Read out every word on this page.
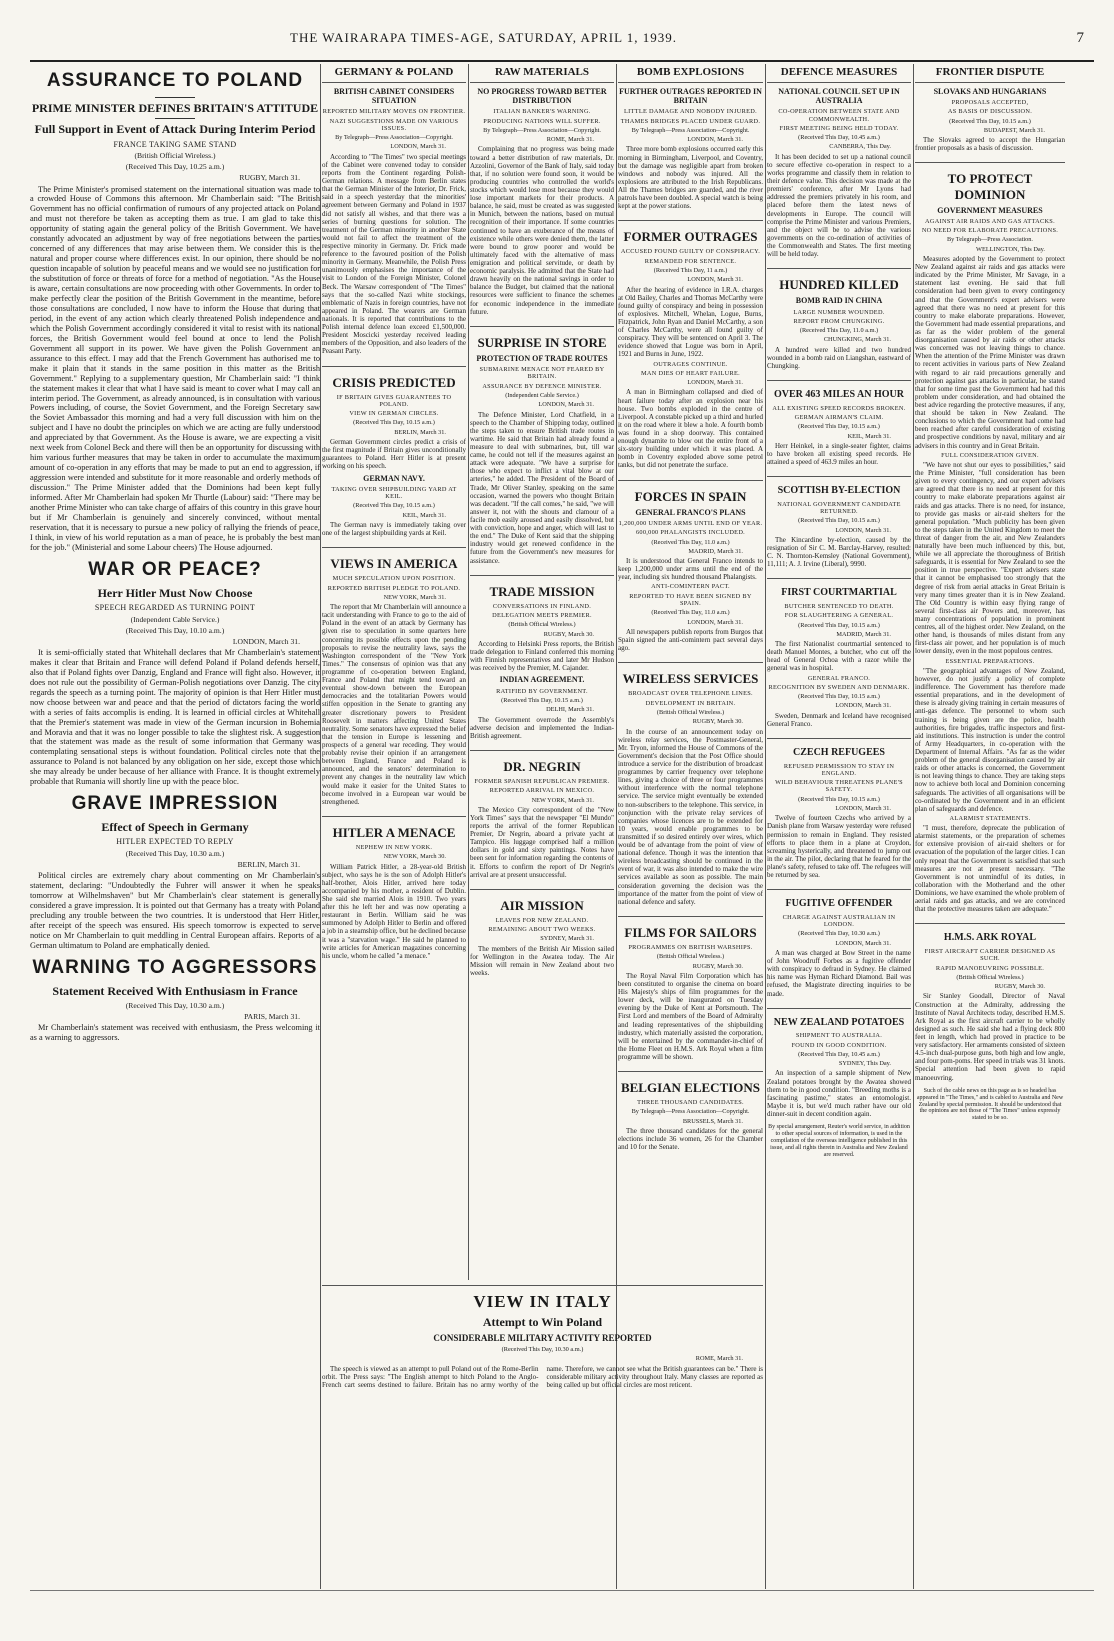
THE WAIRARAPA TIMES-AGE, SATURDAY, APRIL 1, 1939.	7
ASSURANCE TO POLAND
PRIME MINISTER DEFINES BRITAIN'S ATTITUDE
Full Support in Event of Attack During Interim Period
FRANCE TAKING SAME STAND
(British Official Wireless.)
(Received This Day, 10.25 a.m.)
RUGBY, March 31.
The Prime Minister's promised statement on the international situation was made to a crowded House of Commons this afternoon. Mr Chamberlain said: "The British Government has no official confirmation of rumours of any projected attack on Poland and must not therefore be taken as accepting them as true. I am glad to take this opportunity of stating again the general policy of the British Government. We have constantly advocated an adjustment by way of free negotiations between the parties concerned of any differences that may arise between them. We consider this is the natural and proper course where differences exist. In our opinion, there should be no question incapable of solution by peaceful means and we would see no justification for the substitution of force or threats of force for a method of negotiation. "As the House is aware, certain consultations are now proceeding with other Governments. In order to make perfectly clear the position of the British Government in the meantime, before those consultations are concluded, I now have to inform the House that during that period, in the event of any action which clearly threatened Polish independence and which the Polish Government accordingly considered it vital to resist with its national forces, the British Government would feel bound at once to lend the Polish Government all support in its power. We have given the Polish Government an assurance to this effect. I may add that the French Government has authorised me to make it plain that it stands in the same position in this matter as the British Government." Replying to a supplementary question, Mr Chamberlain said: "I think the statement makes it clear that what I have said is meant to cover what I may call an interim period. The Government, as already announced, is in consultation with various Powers including, of course, the Soviet Government, and the Foreign Secretary saw the Soviet Ambassador this morning and had a very full discussion with him on the subject and I have no doubt the principles on which we are acting are fully understood and appreciated by that Government. As the House is aware, we are expecting a visit next week from Colonel Beck and there will then be an opportunity for discussing with him various further measures that may be taken in order to accumulate the maximum amount of co-operation in any efforts that may be made to put an end to aggression, if aggression were intended and substitute for it more reasonable and orderly methods of discussion." The Prime Minister added that the Dominions had been kept fully informed. After Mr Chamberlain had spoken Mr Thurtle (Labour) said: "There may be another Prime Minister who can take charge of affairs of this country in this grave hour but if Mr Chamberlain is genuinely and sincerely convinced, without mental reservation, that it is necessary to pursue a new policy of rallying the friends of peace, I think, in view of his world reputation as a man of peace, he is probably the best man for the job." (Ministerial and some Labour cheers) The House adjourned.
WAR OR PEACE?
Herr Hitler Must Now Choose
SPEECH REGARDED AS TURNING POINT
(Independent Cable Service.)
(Received This Day, 10.10 a.m.)
LONDON, March 31.
It is semi-officially stated that Whitehall declares that Mr Chamberlain's statement makes it clear that Britain and France will defend Poland if Poland defends herself, also that if Poland fights over Danzig, England and France will fight also. However, it does not rule out the possibility of German-Polish negotiations over Danzig. The city regards the speech as a turning point. The majority of opinion is that Herr Hitler must now choose between war and peace and that the period of dictators facing the world with a series of faits accomplis is ending. It is learned in official circles at Whitehall that the Premier's statement was made in view of the German incursion in Bohemia and Moravia and that it was no longer possible to take the slightest risk. A suggestion that the statement was made as the result of some information that Germany was contemplating sensational steps is without foundation. Political circles note that the assurance to Poland is not balanced by any obligation on her side, except those which she may already be under because of her alliance with France. It is thought extremely probable that Rumania will shortly line up with the peace bloc.
GRAVE IMPRESSION
Effect of Speech in Germany
HITLER EXPECTED TO REPLY
(Received This Day, 10.30 a.m.)
BERLIN, March 31.
Political circles are extremely chary about commenting on Mr Chamberlain's statement, declaring: "Undoubtedly the Fuhrer will answer it when he speaks tomorrow at Wilhelmshaven" but Mr Chamberlain's clear statement is generally considered a grave impression. It is pointed out that Germany has a treaty with Poland precluding any trouble between the two countries. It is understood that Herr Hitler, after receipt of the speech was ensured. His speech tomorrow is expected to serve notice on Mr Chamberlain to quit meddling in Central European affairs. Reports of a German ultimatum to Poland are emphatically denied.
WARNING TO AGGRESSORS
Statement Received With Enthusiasm in France
(Received This Day, 10.30 a.m.)
PARIS, March 31.
Mr Chamberlain's statement was received with enthusiasm, the Press welcoming it as a warning to aggressors.
GERMANY & POLAND
BRITISH CABINET CONSIDERS SITUATION
REPORTED MILITARY MOVES ON FRONTIER.
NAZI SUGGESTIONS MADE ON VARIOUS ISSUES.
By Telegraph—Press Association—Copyright.
LONDON, March 31.
According to "The Times" two special meetings of the Cabinet were convened today to consider reports from the Continent regarding Polish-German relations. A message from Berlin states that the German Minister of the Interior, Dr. Frick, said in a speech yesterday that the minorities' agreement between Germany and Poland in 1937 did not satisfy all wishes, and that there was a series of burning questions for solution. The treatment of the German minority in another State would not fail to affect the treatment of the respective minority in Germany. Dr. Frick made reference to the favoured position of the Polish minority in Germany. Meanwhile, the Polish Press unanimously emphasises the importance of the visit to London of the Foreign Minister, Colonel Beck. The Warsaw correspondent of "The Times" says that the so-called Nazi white stockings, emblematic of Nazis in foreign countries, have not appeared in Poland. The wearers are German nationals. It is reported that contributions to the Polish internal defence loan exceed £1,500,000. President Moscicki yesterday received leading members of the Opposition, and also leaders of the Peasant Party.
CRISIS PREDICTED
IF BRITAIN GIVES GUARANTEES TO POLAND.
VIEW IN GERMAN CIRCLES.
(Received This Day, 10.15 a.m.)
BERLIN, March 31.
German Government circles predict a crisis of the first magnitude if Britain gives unconditionally guarantees to Poland. Herr Hitler is at present working on his speech.
GERMAN NAVY.
TAKING OVER SHIPBUILDING YARD AT KEIL.
(Received This Day, 10.15 a.m.)
KEIL, March 31.
The German navy is immediately taking over one of the largest shipbuilding yards at Keil.
VIEWS IN AMERICA
MUCH SPECULATION UPON POSITION.
REPORTED BRITISH PLEDGE TO POLAND.
NEW YORK, March 31.
The report that Mr Chamberlain will announce a tacit understanding with France to go to the aid of Poland in the event of an attack by Germany has given rise to speculation in some quarters here concerning its possible effects upon the pending proposals to revise the neutrality laws, says the Washington correspondent of the "New York Times." The consensus of opinion was that any programme of co-operation between England, France and Poland that might tend toward an eventual show-down between the European democracies and the totalitarian Powers would stiffen opposition in the Senate to granting any greater discretionary powers to President Roosevelt in matters affecting United States neutrality. Some senators have expressed the belief that the tension in Europe is lessening and prospects of a general war receding. They would probably revise their opinion if an arrangement between England, France and Poland is announced, and the senators' determination to prevent any changes in the neutrality law which would make it easier for the United States to become involved in a European war would be strengthened.
HITLER A MENACE
NEPHEW IN NEW YORK.
NEW YORK, March 30.
William Patrick Hitler, a 28-year-old British subject, who says he is the son of Adolph Hitler's half-brother, Alois Hitler, arrived here today accompanied by his mother, a resident of Dublin. She said she married Alois in 1910. Two years after this he left her and was now operating a restaurant in Berlin. William said he was summoned by Adolph Hitler to Berlin and offered a job in a steamship office, but he declined because it was a "starvation wage." He said he planned to write articles for American magazines concerning his uncle, whom he called "a menace."
RAW MATERIALS
NO PROGRESS TOWARD BETTER DISTRIBUTION
ITALIAN BANKER'S WARNING.
PRODUCING NATIONS WILL SUFFER.
By Telegraph—Press Association—Copyright.
ROME, March 31.
Complaining that no progress was being made toward a better distribution of raw materials, Dr. Azzolini, Governor of the Bank of Italy, said today that, if no solution were found soon, it would be producing countries who controlled the world's stocks which would lose most because they would lose important markets for their products. A balance, he said, must be created as was suggested in Munich, between the nations, based on mutual recognition of their importance. If some countries continued to have an exuberance of the means of existence while others were denied them, the latter were bound to grow poorer and would be ultimately faced with the alternative of mass emigration and political servitude, or death by economic paralysis. He admitted that the State had drawn heavily on the national savings in order to balance the Budget, but claimed that the national resources were sufficient to finance the schemes for economic independence in the immediate future.
SURPRISE IN STORE
PROTECTION OF TRADE ROUTES
SUBMARINE MENACE NOT FEARED BY BRITAIN.
ASSURANCE BY DEFENCE MINISTER.
(Independent Cable Service.)
LONDON, March 31.
The Defence Minister, Lord Chatfield, in a speech to the Chamber of Shipping today, outlined the steps taken to ensure British trade routes in wartime. He said that Britain had already found a measure to deal with submarines, but, till war came, he could not tell if the measures against an attack were adequate. "We have a surprise for those who expect to inflict a vital blow at our arteries," he added. The President of the Board of Trade, Mr Oliver Stanley, speaking on the same occasion, warned the powers who thought Britain was decadent. "If the call comes," he said, "we will answer it, not with the shouts and clamour of a facile mob easily aroused and easily dissolved, but with conviction, hope and anger, which will last to the end." The Duke of Kent said that the shipping industry would get renewed confidence in the future from the Government's new measures for assistance.
TRADE MISSION
CONVERSATIONS IN FINLAND.
DELEGATION MEETS PREMIER.
(British Official Wireless.)
RUGBY, March 30.
According to Helsinki Press reports, the British trade delegation to Finland conferred this morning with Finnish representatives and later Mr Hudson was received by the Premier, M. Cajander.
INDIAN AGREEMENT.
RATIFIED BY GOVERNMENT.
(Received This Day, 10.15 a.m.)
DELHI, March 31.
The Government overrode the Assembly's adverse decision and implemented the Indian-British agreement.
DR. NEGRIN
FORMER SPANISH REPUBLICAN PREMIER.
REPORTED ARRIVAL IN MEXICO.
NEW YORK, March 31.
The Mexico City correspondent of the "New York Times" says that the newspaper "El Mundo" reports the arrival of the former Republican Premier, Dr Negrin, aboard a private yacht at Tampico. His luggage comprised half a million dollars in gold and sixty paintings. Notes have been sent for information regarding the contents of it. Efforts to confirm the report of Dr Negrin's arrival are at present unsuccessful.
AIR MISSION
LEAVES FOR NEW ZEALAND.
REMAINING ABOUT TWO WEEKS.
SYDNEY, March 31.
The members of the British Air Mission sailed for Wellington in the Awatea today. The Air Mission will remain in New Zealand about two weeks.
VIEW IN ITALY
Attempt to Win Poland
CONSIDERABLE MILITARY ACTIVITY REPORTED
(Received This Day, 10.30 a.m.)
ROME, March 31.
The speech is viewed as an attempt to pull Poland out of the Rome-Berlin orbit. The Press says: "The English attempt to hitch Poland to the Anglo-French cart seems destined to failure. Britain has no army worthy of the name. Therefore, we cannot see what the British guarantees can be." There is considerable military activity throughout Italy. Many classes are reported as being called up but official circles are most reticent.
BOMB EXPLOSIONS
FURTHER OUTRAGES REPORTED IN BRITAIN
LITTLE DAMAGE AND NOBODY INJURED.
THAMES BRIDGES PLACED UNDER GUARD.
By Telegraph—Press Association—Copyright.
LONDON, March 31.
Three more bomb explosions occurred early this morning in Birmingham, Liverpool, and Coventry, but the damage was negligible apart from broken windows and nobody was injured. All the explosions are attributed to the Irish Republicans. All the Thames bridges are guarded, and the river patrols have been doubled. A special watch is being kept at the power stations.
FORMER OUTRAGES
ACCUSED FOUND GUILTY OF CONSPIRACY.
REMANDED FOR SENTENCE.
(Received This Day, 11 a.m.)
LONDON, March 31.
After the hearing of evidence in I.R.A. charges at Old Bailey, Charles and Thomas McCarthy were found guilty of conspiracy and being in possession of explosives. Mitchell, Whelan, Logue, Burns, Fitzpatrick, John Ryan and Daniel McCarthy, a son of Charles McCarthy, were all found guilty of conspiracy. They will be sentenced on April 3. The evidence showed that Logue was born in April, 1921 and Burns in June, 1922.
OUTRAGES CONTINUE.
MAN DIES OF HEART FAILURE.
LONDON, March 31.
A man in Birmingham collapsed and died of heart failure today after an explosion near his house. Two bombs exploded in the centre of Liverpool. A constable picked up a third and hurled it on the road where it blew a hole. A fourth bomb was found in a shop doorway. This contained enough dynamite to blow out the entire front of a six-story building under which it was placed. A bomb in Coventry exploded above some petrol tanks, but did not penetrate the surface.
FORCES IN SPAIN
GENERAL FRANCO'S PLANS
1,200,000 UNDER ARMS UNTIL END OF YEAR.
600,000 PHALANGISTS INCLUDED.
(Received This Day, 11.0 a.m.)
MADRID, March 31.
It is understood that General Franco intends to keep 1,200,000 under arms until the end of the year, including six hundred thousand Phalangists.
ANTI-COMINTERN PACT.
REPORTED TO HAVE BEEN SIGNED BY SPAIN.
(Received This Day, 11.0 a.m.)
LONDON, March 31.
All newspapers publish reports from Burgos that Spain signed the anti-comintern pact several days ago.
WIRELESS SERVICES
BROADCAST OVER TELEPHONE LINES.
DEVELOPMENT IN BRITAIN.
(British Official Wireless.)
RUGBY, March 30.
In the course of an announcement today on wireless relay services, the Postmaster-General, Mr. Tryon, informed the House of Commons of the Government's decision that the Post Office should introduce a service for the distribution of broadcast programmes by carrier frequency over telephone lines, giving a choice of three or four programmes without interference with the normal telephone service. The service might eventually be extended to non-subscribers to the telephone. This service, in conjunction with the private relay services of companies whose licences are to be extended for 10 years, would enable programmes to be transmitted if so desired entirely over wires, which would be of advantage from the point of view of national defence. Though it was the intention that wireless broadcasting should be continued in the event of war, it was also intended to make the wire services available as soon as possible. The main consideration governing the decision was the importance of the matter from the point of view of national defence and safety.
FILMS FOR SAILORS
PROGRAMMES ON BRITISH WARSHIPS.
(British Official Wireless.)
RUGBY, March 30.
The Royal Naval Film Corporation which has been constituted to organise the cinema on board His Majesty's ships of film programmes for the lower deck, will be inaugurated on Tuesday evening by the Duke of Kent at Portsmouth. The First Lord and members of the Board of Admiralty and leading representatives of the shipbuilding industry, which materially assisted the corporation, will be entertained by the commander-in-chief of the Home Fleet on H.M.S. Ark Royal when a film programme will be shown.
BELGIAN ELECTIONS
THREE THOUSAND CANDIDATES.
By Telegraph—Press Association—Copyright.
BRUSSELS, March 31.
The three thousand candidates for the general elections include 36 women, 26 for the Chamber and 10 for the Senate.
DEFENCE MEASURES
NATIONAL COUNCIL SET UP IN AUSTRALIA
CO-OPERATION BETWEEN STATE AND COMMONWEALTH.
FIRST MEETING BEING HELD TODAY.
(Received This Day, 10.45 a.m.)
CANBERRA, This Day.
It has been decided to set up a national council to secure effective co-operation in respect to a works programme and classify them in relation to their defence value. This decision was made at the premiers' conference, after Mr Lyons had addressed the premiers privately in his room, and placed before them the latest news of developments in Europe. The council will comprise the Prime Minister and various Premiers, and the object will be to advise the various governments on the co-ordination of activities of the Commonwealth and States. The first meeting will be held today.
HUNDRED KILLED
BOMB RAID IN CHINA
LARGE NUMBER WOUNDED.
REPORT FROM CHUNGKING.
(Received This Day, 11.0 a.m.)
CHUNGKING, March 31.
A hundred were killed and two hundred wounded in a bomb raid on Liangshan, eastward of Chungking.
OVER 463 MILES AN HOUR
ALL EXISTING SPEED RECORDS BROKEN.
GERMAN AIRMAN'S CLAIM.
(Received This Day, 10.15 a.m.)
KEIL, March 31.
Herr Heinkel, in a single-seater fighter, claims to have broken all existing speed records. He attained a speed of 463.9 miles an hour.
SCOTTISH BY-ELECTION
NATIONAL GOVERNMENT CANDIDATE RETURNED.
(Received This Day, 10.15 a.m.)
LONDON, March 31.
The Kincardine by-election, caused by the resignation of Sir C. M. Barclay-Harvey, resulted: C. N. Thornton-Kemsley (National Government), 11,111; A. J. Irvine (Liberal), 9990.
FIRST COURTMARTIAL
BUTCHER SENTENCED TO DEATH.
FOR SLAUGHTERING A GENERAL.
(Received This Day, 10.15 a.m.)
MADRID, March 31.
The first Nationalist courtmartial sentenced to death Manuel Montes, a butcher, who cut off the head of General Ochoa with a razor while the general was in hospital.
GENERAL FRANCO.
RECOGNITION BY SWEDEN AND DENMARK.
(Received This Day, 10.15 a.m.)
LONDON, March 31.
Sweden, Denmark and Iceland have recognised General Franco.
CZECH REFUGEES
REFUSED PERMISSION TO STAY IN ENGLAND.
WILD BEHAVIOUR THREATENS PLANE'S SAFETY.
(Received This Day, 10.15 a.m.)
LONDON, March 31.
Twelve of fourteen Czechs who arrived by a Danish plane from Warsaw yesterday were refused permission to remain in England. They resisted efforts to place them in a plane at Croydon, screaming hysterically, and threatened to jump out in the air. The pilot, declaring that he feared for the plane's safety, refused to take off. The refugees will be returned by sea.
FUGITIVE OFFENDER
CHARGE AGAINST AUSTRALIAN IN LONDON.
(Received This Day, 10.30 a.m.)
LONDON, March 31.
A man was charged at Bow Street in the name of John Woodruff Forbes as a fugitive offender with conspiracy to defraud in Sydney. He claimed his name was Hyman Richard Diamond. Bail was refused, the Magistrate directing inquiries to be made.
NEW ZEALAND POTATOES
SHIPMENT TO AUSTRALIA.
FOUND IN GOOD CONDITION.
(Received This Day, 10.45 a.m.)
SYDNEY, This Day.
An inspection of a sample shipment of New Zealand potatoes brought by the Awatea showed them to be in good condition. "Breeding moths is a fascinating pastime," states an entomologist. Maybe it is, but we'd much rather have our old dinner-suit in decent condition again.
By special arrangement, Reuter's world service, in addition to other special sources of information, is used in the compilation of the overseas intelligence published in this issue, and all rights therein in Australia and New Zealand are reserved.
FRONTIER DISPUTE
SLOVAKS AND HUNGARIANS
PROPOSALS ACCEPTED,
AS BASIS OF DISCUSSION.
(Received This Day, 10.15 a.m.)
BUDAPEST, March 31.
The Slovaks agreed to accept the Hungarian frontier proposals as a basis of discussion.
TO PROTECT DOMINION
GOVERNMENT MEASURES
AGAINST AIR RAIDS AND GAS ATTACKS.
NO NEED FOR ELABORATE PRECAUTIONS.
By Telegraph—Press Association.
WELLINGTON, This Day.
Measures adopted by the Government to protect New Zealand against air raids and gas attacks were indicated by the Prime Minister, Mr Savage, in a statement last evening. He said that full consideration had been given to every contingency and that the Government's expert advisers were agreed that there was no need at present for this country to make elaborate preparations. However, the Government had made essential preparations, and as far as the wider problem of the general disorganisation caused by air raids or other attacks was concerned was not leaving things to chance. When the attention of the Prime Minister was drawn to recent activities in various parts of New Zealand with regard to air raid precautions generally and protection against gas attacks in particular, he stated that for some time past the Government had had this problem under consideration, and had obtained the best advice regarding the protective measures, if any, that should be taken in New Zealand. The conclusions to which the Government had come had been reached after careful consideration of existing and prospective conditions by naval, military and air advisers in this country and in Great Britain.
FULL CONSIDERATION GIVEN.
"We have not shut our eyes to possibilities," said the Prime Minister, "full consideration has been given to every contingency, and our expert advisers are agreed that there is no need at present for this country to make elaborate preparations against air raids and gas attacks. There is no need, for instance, to provide gas masks or air-raid shelters for the general population. "Much publicity has been given to the steps taken in the United Kingdom to meet the threat of danger from the air, and New Zealanders naturally have been much influenced by this, but, while we all appreciate the thoroughness of British safeguards, it is essential for New Zealand to see the position in true perspective. "Expert advisers state that it cannot be emphasised too strongly that the degree of risk from aerial attacks in Great Britain is very many times greater than it is in New Zealand. The Old Country is within easy flying range of several first-class air Powers and, moreover, has many concentrations of population in prominent centres, all of the highest order. New Zealand, on the other hand, is thousands of miles distant from any first-class air power, and her population is of much lower density, even in the most populous centres.
ESSENTIAL PREPARATIONS.
"The geographical advantages of New Zealand, however, do not justify a policy of complete indifference. The Government has therefore made essential preparations, and in the development of these is already giving training in certain measures of anti-gas defence. The personnel to whom such training is being given are the police, health authorities, fire brigades, traffic inspectors and first-aid institutions. This instruction is under the control of Army Headquarters, in co-operation with the Department of Internal Affairs. "As far as the wider problem of the general disorganisation caused by air raids or other attacks is concerned, the Government is not leaving things to chance. They are taking steps now to achieve both local and Dominion concerning safeguards. The activities of all organisations will be co-ordinated by the Government and in an efficient plan of safeguards and defence.
ALARMIST STATEMENTS.
"I must, therefore, deprecate the publication of alarmist statements, or the preparation of schemes for extensive provision of air-raid shelters or for evacuation of the population of the larger cities. I can only repeat that the Government is satisfied that such measures are not at present necessary. "The Government is not unmindful of its duties, in collaboration with the Motherland and the other Dominions, we have examined the whole problem of aerial raids and gas attacks, and we are convinced that the protective measures taken are adequate."
H.M.S. ARK ROYAL
FIRST AIRCRAFT CARRIER DESIGNED AS SUCH.
RAPID MANOEUVRING POSSIBLE.
(British Official Wireless.)
RUGBY, March 30.
Sir Stanley Goodall, Director of Naval Construction at the Admiralty, addressing the Institute of Naval Architects today, described H.M.S. Ark Royal as the first aircraft carrier to be wholly designed as such. He said she had a flying deck 800 feet in length, which had proved in practice to be very satisfactory. Her armaments consisted of sixteen 4.5-inch dual-purpose guns, both high and low angle, and four pom-poms. Her speed in trials was 31 knots. Special attention had been given to rapid manoeuvring.
Such of the cable news on this page as is so headed has appeared in "The Times," and is cabled to Australia and New Zealand by special permission. It should be understood that the opinions are not those of "The Times" unless expressly stated to be so.
